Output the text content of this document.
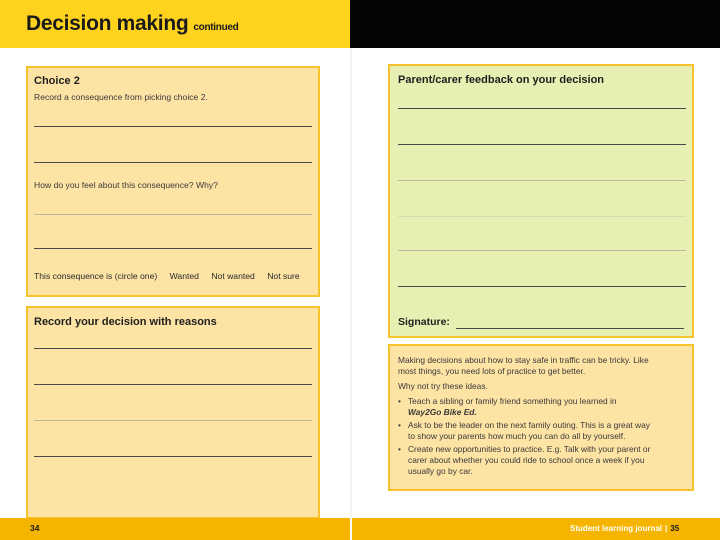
Decision making continued
Choice 2
Record a consequence from picking choice 2.
How do you feel about this consequence? Why?
This consequence is (circle one) Wanted Not wanted Not sure
Record your decision with reasons
Parent/carer feedback on your decision
Signature:

Making decisions about how to stay safe in traffic can be tricky. Like
most things, you need lots of practice to get better.

Why not try these ideas.

• Teach a sibling or family friend something you learned in
Way2Go Bike Ed.
• Ask to be the leader on the next family outing. This is a great way
to show your parents how much you can do all by yourself.
• Create new opportunities to practice. E.g. Talk with your parent or
carer about whether you could ride to school once a week if you
usually go by car.
34	Student learning journal | 35
